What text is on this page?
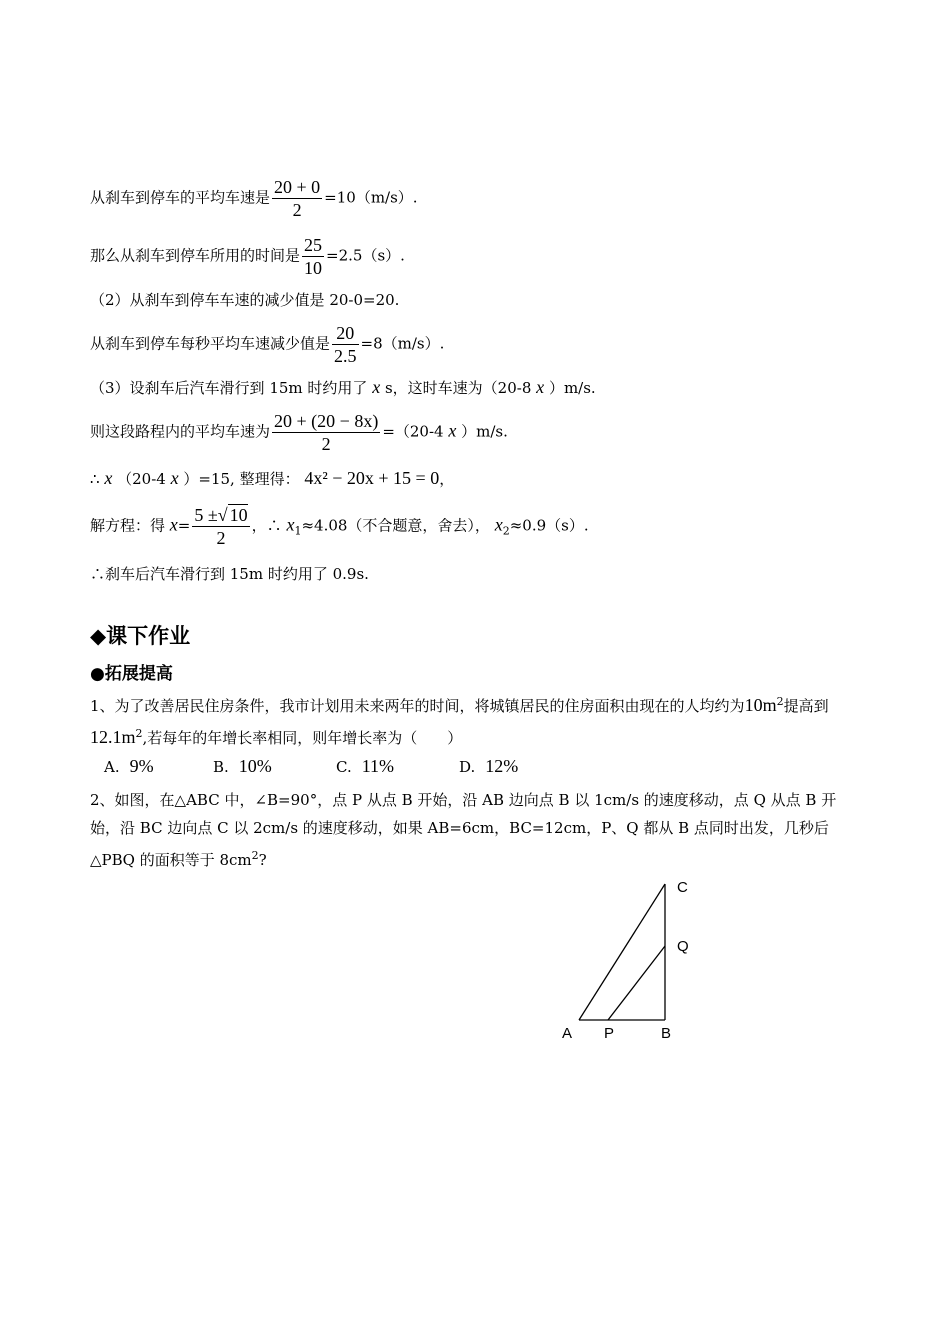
从刹车到停车的平均车速是 $\frac{20 + 0}{2} =10(m/s)$.
那么从刹车到停车所用的时间是 $\frac{25}{10} =2.5(s)$.
（2）从刹车到停车车速的减少值是 20-0=20.
从刹车到停车每秒平均车速减少值是 $\frac{20}{2.5} =8(m/s)$.
（3）设刹车后汽车滑行到 15m 时约用了 x s，这时车速为（20-8 x ）m/s.
则这段路程内的平均车速为 $\frac{20 + (20 - 8x)}{2} =(20-4$ x ）m/s.
∴ x （20-4 x ）=15, 整理得： 4x² − 20x + 15 = 0，
解方程：得 $x= \frac{5 \pm√ 10}{2}$ ，∴ $x_1\approx 4.08$（不合题意，舍去）， $x_2\approx 0.9(s)$.
∴刹车后汽车滑行到 15m 时约用了 0.9s.
◆课下作业
●拓展提高
1、为了改善居民住房条件，我市计划用未来两年的时间，将城镇居民的住房面积由现在的人均约为$10m^2$提高到$12.1m^2$,若每年的年增长率相同，则年增长率为（　　）
A. 9%	B. 10%	C. 11%	D. 12%
2、如图，在△ABC 中，∠B=90°，点 P 从点 B 开始，沿 AB 边向点 B 以 1cm/s 的速度移动，点 Q 从点 B 开始，沿 BC 边向点 C 以 2cm/s 的速度移动，如果 AB=6cm，BC=12cm，P、Q 都从 B 点同时出发，几秒后△PBQ 的面积等于 $8cm^2$?
C
Q
A P	B
